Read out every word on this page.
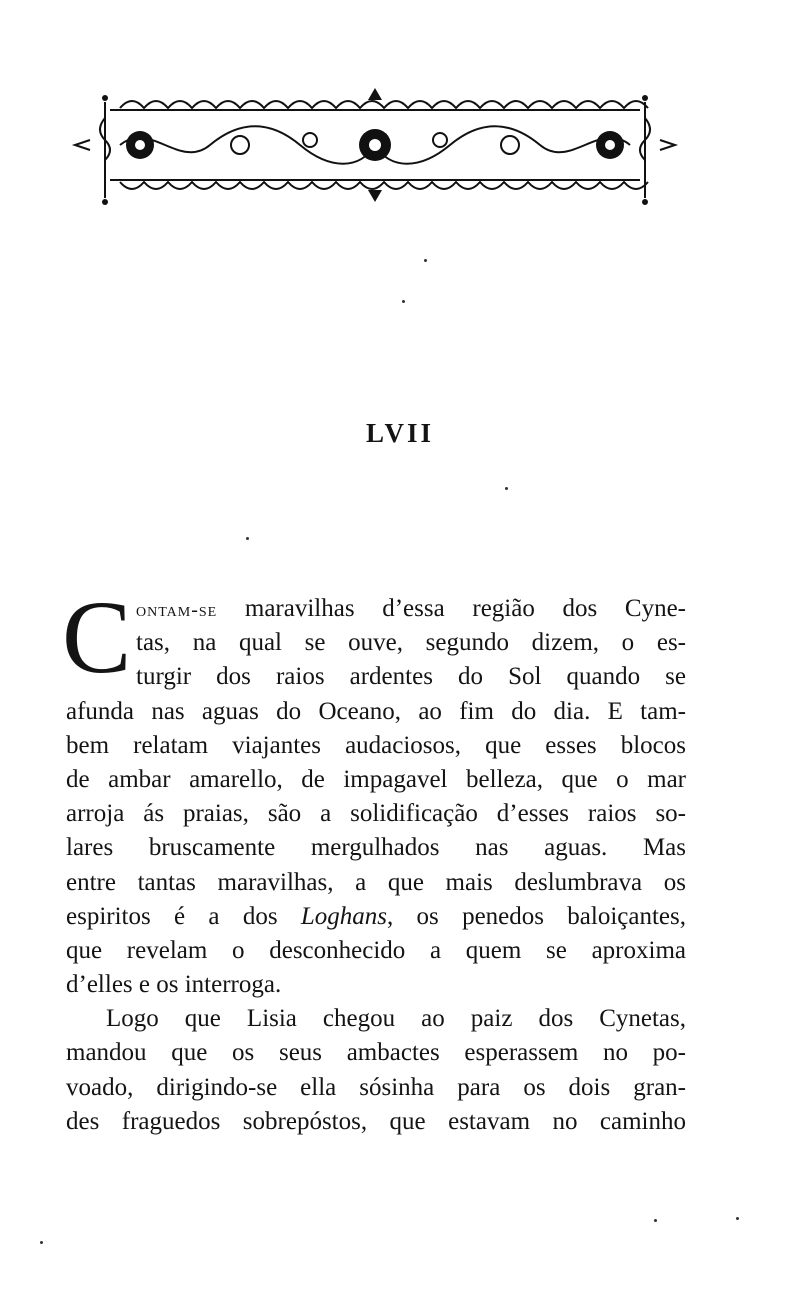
LVII
C ontam-se maravilhas d’essa região dos Cyne-
tas, na qual se ouve, segundo dizem, o es-
turgir dos raios ardentes do Sol quando se
afunda nas aguas do Oceano, ao fim do dia. E tam-
bem relatam viajantes audaciosos, que esses blocos
de ambar amarello, de impagavel belleza, que o mar
arroja ás praias, são a solidificação d’esses raios so-
lares bruscamente mergulhados nas aguas. Mas
entre tantas maravilhas, a que mais deslumbrava os
espiritos é a dos Loghans, os penedos baloiçantes,
que revelam o desconhecido a quem se aproxima
d’elles e os interroga.
Logo que Lisia chegou ao paiz dos Cynetas,
mandou que os seus ambactes esperassem no po-
voado, dirigindo-se ella sósinha para os dois gran-
des fraguedos sobrepóstos, que estavam no caminho
